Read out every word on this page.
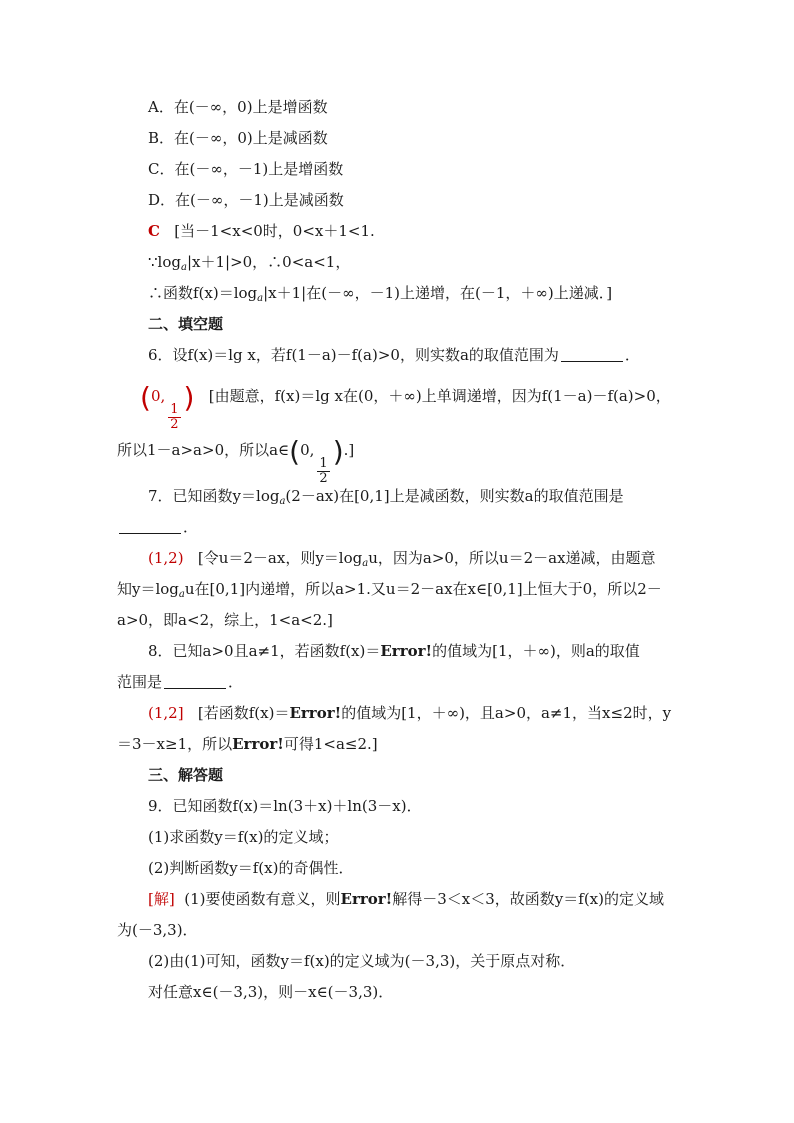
A．在(－∞，0)上是增函数
B．在(－∞，0)上是减函数
C．在(－∞，－1)上是增函数
D．在(－∞，－1)上是减函数
C [当－1<x<0时，0<x＋1<1.
$\because\log_a|x+1|>0$，∴0<a<1，
∴函数$f(x)=\log_a|x+1|$在(－∞，－1)上递增，在(－1，＋∞)上递减．]
二、填空题
6．设f(x)＝lg x，若f(1－a)－f(a)>0，则实数a的取值范围为	．
(0,
$\frac{1}{2}$
) [由题意，f(x)＝lg x在(0，＋∞)上单调递增，因为f(1－a)－f(a)>0，
所以1－a>a>0，所以a∈(0,
$\frac{1}{2}$
).]
7．已知函数$y=\log_a(2-ax)$在[0,1]上是减函数，则实数a的取值范围是
．
(1,2) [令u＝2－ax，则$y=\log_au$，因为a>0，所以u＝2－ax递减，由题意
知$y=\log_au$在[0,1]内递增，所以a>1.又u＝2－ax在x∈[0,1]上恒大于0，所以2－
a>0，即a<2，综上，1<a<2.]
8．已知a>0且a≠1，若函数f(x)＝Error!的值域为[1，＋∞)，则a的取值
范围是	．
(1,2] [若函数f(x)＝Error!的值域为[1，＋∞)，且a>0，a≠1，当x≤2时，y
＝3－x≥1，所以Error!可得1<a≤2.]
三、解答题
9．已知函数f(x)＝ln(3＋x)＋ln(3－x)．
(1)求函数y＝f(x)的定义域；
(2)判断函数y＝f(x)的奇偶性．
[解] (1)要使函数有意义，则Error!解得－3＜x＜3，故函数y＝f(x)的定义域
为(－3,3)．
(2)由(1)可知，函数y＝f(x)的定义域为(－3,3)，关于原点对称．
对任意x∈(－3,3)，则－x∈(－3,3)．
